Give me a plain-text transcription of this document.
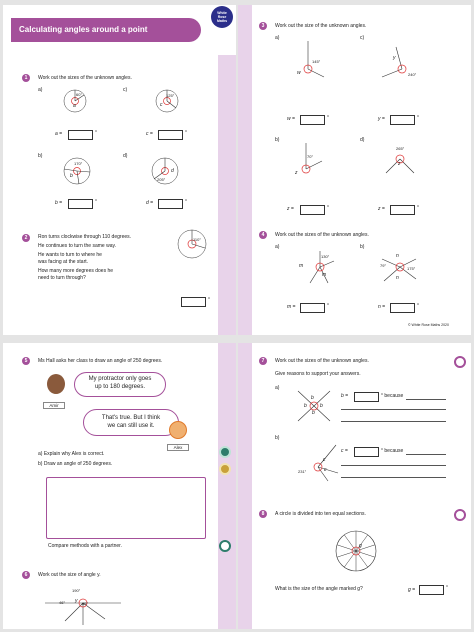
Calculating angles around a point
White
Rose
Maths
1	Work out the sizes of the unknown angles.
a)	c)
60°
a
125°
c
a =	°	c =	°
b)	d)
170°
b
205°
d
b =	°	d =	°
2	Ron turns clockwise through 110 degrees.
He continues to turn the same way.
He wants to turn to where he
was facing at the start.
How many more degrees does he
need to turn through?
110°
°
3	Work out the size of the unknown angles.
a)	c)
145°
w
y
240°
w =	°	y =	°
b)	d)
70°
z
265°
z
z =	°	z =	°
4	Work out the sizes of the unknown angles.
a)	b)
130°
m
m
n
79°
175°
n
m =	°	n =	°
© White Rose Maths 2020
5	Ms Hall asks her class to draw an angle of 250 degrees.
Amir
My protractor only goes
up to 180 degrees.
That's true. But I think
we can still use it.
Alex
a) Explain why Alex is correct.
b) Draw an angle of 250 degrees.
Compare methods with a partner.
6	Work out the size of angle y.
190°
46°	85°
y
7	Work out the sizes of the unknown angles.
Give reasons to support your answers.
a)
b
b	b
b
b =	° because
b)
c
c
231°
c =	° because
8	A circle is divided into ten equal sections.
g
What is the size of the angle marked g?	g =	°
